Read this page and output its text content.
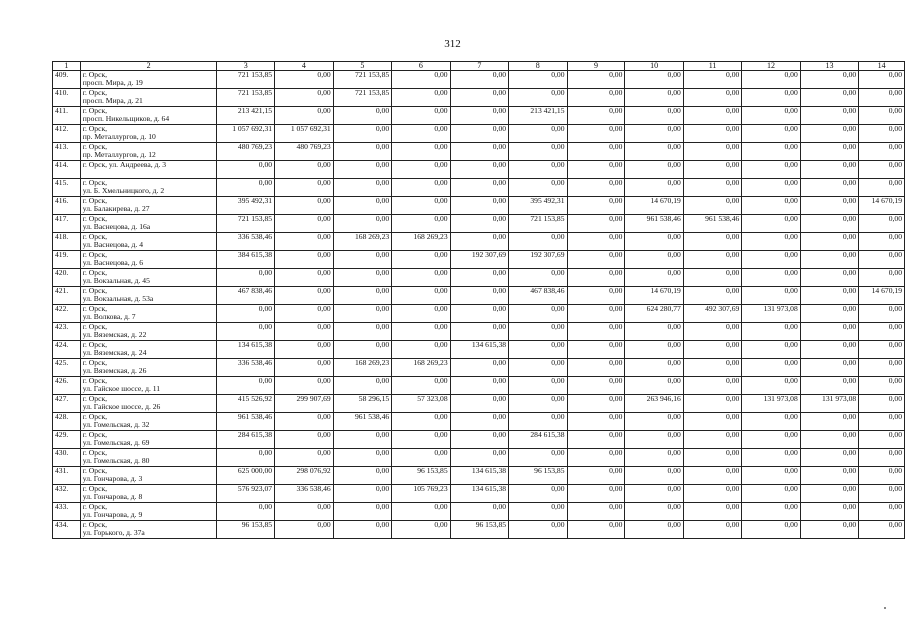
312
1	2	3	4	5	6	7	8	9	10	11	12	13	14
409.	г. Орск,
просп. Мира, д. 19	721 153,85	0,00	721 153,85	0,00	0,00	0,00	0,00	0,00	0,00	0,00	0,00	0,00
410.	г. Орск,
просп. Мира, д. 21	721 153,85	0,00	721 153,85	0,00	0,00	0,00	0,00	0,00	0,00	0,00	0,00	0,00
411.	г. Орск,
просп. Никельщиков, д. 64	213 421,15	0,00	0,00	0,00	0,00	213 421,15	0,00	0,00	0,00	0,00	0,00	0,00
412.	г. Орск,
пр. Металлургов, д. 10	1 057 692,31	1 057 692,31	0,00	0,00	0,00	0,00	0,00	0,00	0,00	0,00	0,00	0,00
413.	г. Орск,
пр. Металлургов, д. 12	480 769,23	480 769,23	0,00	0,00	0,00	0,00	0,00	0,00	0,00	0,00	0,00	0,00
414.	г. Орск, ул. Андреева, д. 3	0,00	0,00	0,00	0,00	0,00	0,00	0,00	0,00	0,00	0,00	0,00	0,00
415.	г. Орск,
ул. Б. Хмельницкого, д. 2	0,00	0,00	0,00	0,00	0,00	0,00	0,00	0,00	0,00	0,00	0,00	0,00
416.	г. Орск,
ул. Балакирева, д. 27	395 492,31	0,00	0,00	0,00	0,00	395 492,31	0,00	14 670,19	0,00	0,00	0,00	14 670,19
417.	г. Орск,
ул. Васнецова, д. 16а	721 153,85	0,00	0,00	0,00	0,00	721 153,85	0,00	961 538,46	961 538,46	0,00	0,00	0,00
418.	г. Орск,
ул. Васнецова, д. 4	336 538,46	0,00	168 269,23	168 269,23	0,00	0,00	0,00	0,00	0,00	0,00	0,00	0,00
419.	г. Орск,
ул. Васнецова, д. 6	384 615,38	0,00	0,00	0,00	192 307,69	192 307,69	0,00	0,00	0,00	0,00	0,00	0,00
420.	г. Орск,
ул. Вокзальная, д. 45	0,00	0,00	0,00	0,00	0,00	0,00	0,00	0,00	0,00	0,00	0,00	0,00
421.	г. Орск,
ул. Вокзальная, д. 53а	467 838,46	0,00	0,00	0,00	0,00	467 838,46	0,00	14 670,19	0,00	0,00	0,00	14 670,19
422.	г. Орск,
ул. Волкова, д. 7	0,00	0,00	0,00	0,00	0,00	0,00	0,00	624 280,77	492 307,69	131 973,08	0,00	0,00
423.	г. Орск,
ул. Вяземская, д. 22	0,00	0,00	0,00	0,00	0,00	0,00	0,00	0,00	0,00	0,00	0,00	0,00
424.	г. Орск,
ул. Вяземская, д. 24	134 615,38	0,00	0,00	0,00	134 615,38	0,00	0,00	0,00	0,00	0,00	0,00	0,00
425.	г. Орск,
ул. Вяземская, д. 26	336 538,46	0,00	168 269,23	168 269,23	0,00	0,00	0,00	0,00	0,00	0,00	0,00	0,00
426.	г. Орск,
ул. Гайское шоссе, д. 11	0,00	0,00	0,00	0,00	0,00	0,00	0,00	0,00	0,00	0,00	0,00	0,00
427.	г. Орск,
ул. Гайское шоссе, д. 26	415 526,92	299 907,69	58 296,15	57 323,08	0,00	0,00	0,00	263 946,16	0,00	131 973,08	131 973,08	0,00
428.	г. Орск,
ул. Гомельская, д. 32	961 538,46	0,00	961 538,46	0,00	0,00	0,00	0,00	0,00	0,00	0,00	0,00	0,00
429.	г. Орск,
ул. Гомельская, д. 69	284 615,38	0,00	0,00	0,00	0,00	284 615,38	0,00	0,00	0,00	0,00	0,00	0,00
430.	г. Орск,
ул. Гомельская, д. 80	0,00	0,00	0,00	0,00	0,00	0,00	0,00	0,00	0,00	0,00	0,00	0,00
431.	г. Орск,
ул. Гончарова, д. 3	625 000,00	298 076,92	0,00	96 153,85	134 615,38	96 153,85	0,00	0,00	0,00	0,00	0,00	0,00
432.	г. Орск,
ул. Гончарова, д. 8	576 923,07	336 538,46	0,00	105 769,23	134 615,38	0,00	0,00	0,00	0,00	0,00	0,00	0,00
433.	г. Орск,
ул. Гончарова, д. 9	0,00	0,00	0,00	0,00	0,00	0,00	0,00	0,00	0,00	0,00	0,00	0,00
434.	г. Орск,
ул. Горького, д. 37а	96 153,85	0,00	0,00	0,00	96 153,85	0,00	0,00	0,00	0,00	0,00	0,00	0,00
